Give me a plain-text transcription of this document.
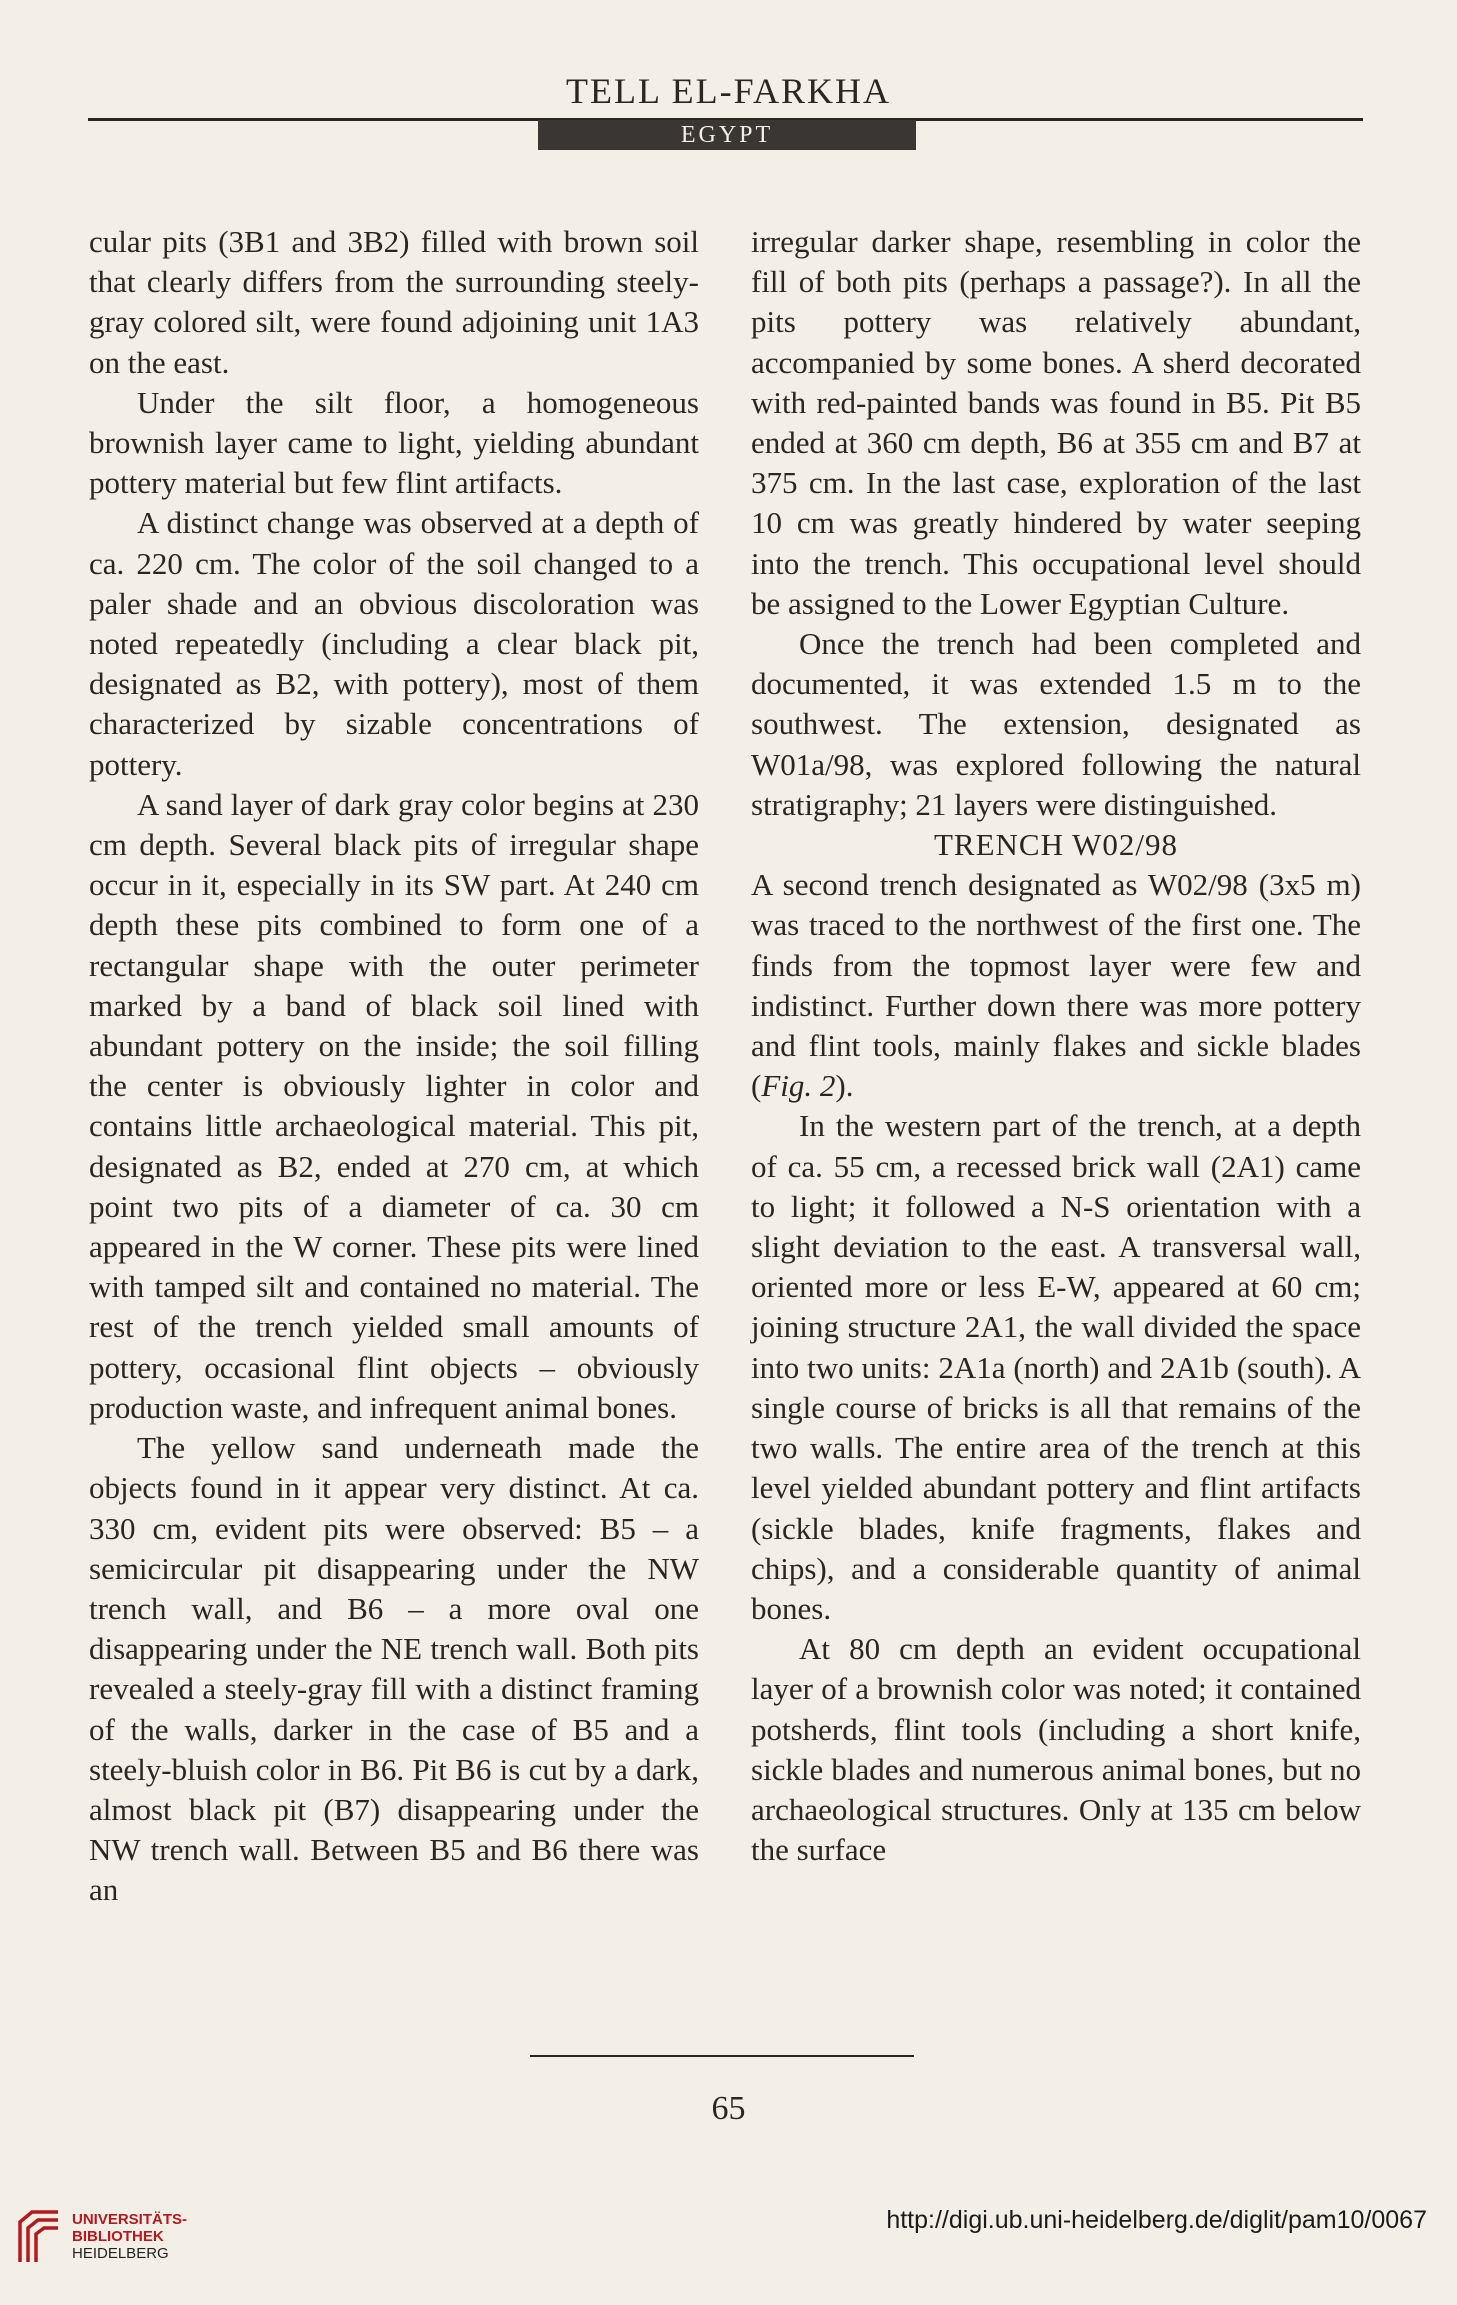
TELL EL-FARKHA
EGYPT

cular pits (3B1 and 3B2) filled with brown soil that clearly differs from the surrounding steely-gray colored silt, were found adjoining unit 1A3 on the east.

Under the silt floor, a homogeneous brownish layer came to light, yielding abundant pottery material but few flint artifacts.

A distinct change was observed at a depth of ca. 220 cm. The color of the soil changed to a paler shade and an obvious discoloration was noted repeatedly (including a clear black pit, designated as B2, with pottery), most of them characterized by sizable concentrations of pottery.

A sand layer of dark gray color begins at 230 cm depth. Several black pits of irregular shape occur in it, especially in its SW part. At 240 cm depth these pits combined to form one of a rectangular shape with the outer perimeter marked by a band of black soil lined with abundant pottery on the inside; the soil filling the center is obviously lighter in color and contains little archaeological material. This pit, designated as B2, ended at 270 cm, at which point two pits of a diameter of ca. 30 cm appeared in the W corner. These pits were lined with tamped silt and contained no material. The rest of the trench yielded small amounts of pottery, occasional flint objects – obviously production waste, and infrequent animal bones.

The yellow sand underneath made the objects found in it appear very distinct. At ca. 330 cm, evident pits were observed: B5 – a semicircular pit disappearing under the NW trench wall, and B6 – a more oval one disappearing under the NE trench wall. Both pits revealed a steely-gray fill with a distinct framing of the walls, darker in the case of B5 and a steely-bluish color in B6. Pit B6 is cut by a dark, almost black pit (B7) disappearing under the NW trench wall. Between B5 and B6 there was an

irregular darker shape, resembling in color the fill of both pits (perhaps a passage?). In all the pits pottery was relatively abundant, accompanied by some bones. A sherd decorated with red-painted bands was found in B5. Pit B5 ended at 360 cm depth, B6 at 355 cm and B7 at 375 cm. In the last case, exploration of the last 10 cm was greatly hindered by water seeping into the trench. This occupational level should be assigned to the Lower Egyptian Culture.

Once the trench had been completed and documented, it was extended 1.5 m to the southwest. The extension, designated as W01a/98, was explored following the natural stratigraphy; 21 layers were distinguished.

TRENCH W02/98

A second trench designated as W02/98 (3x5 m) was traced to the northwest of the first one. The finds from the topmost layer were few and indistinct. Further down there was more pottery and flint tools, mainly flakes and sickle blades (Fig. 2).

In the western part of the trench, at a depth of ca. 55 cm, a recessed brick wall (2A1) came to light; it followed a N-S orientation with a slight deviation to the east. A transversal wall, oriented more or less E-W, appeared at 60 cm; joining structure 2A1, the wall divided the space into two units: 2A1a (north) and 2A1b (south). A single course of bricks is all that remains of the two walls. The entire area of the trench at this level yielded abundant pottery and flint artifacts (sickle blades, knife fragments, flakes and chips), and a considerable quantity of animal bones.

At 80 cm depth an evident occupational layer of a brownish color was noted; it contained potsherds, flint tools (including a short knife, sickle blades and numerous animal bones, but no archaeological structures. Only at 135 cm below the surface

65
UNIVERSITÄTS-
BIBLIOTHEK
HEIDELBERG
http://digi.ub.uni-heidelberg.de/diglit/pam10/0067
